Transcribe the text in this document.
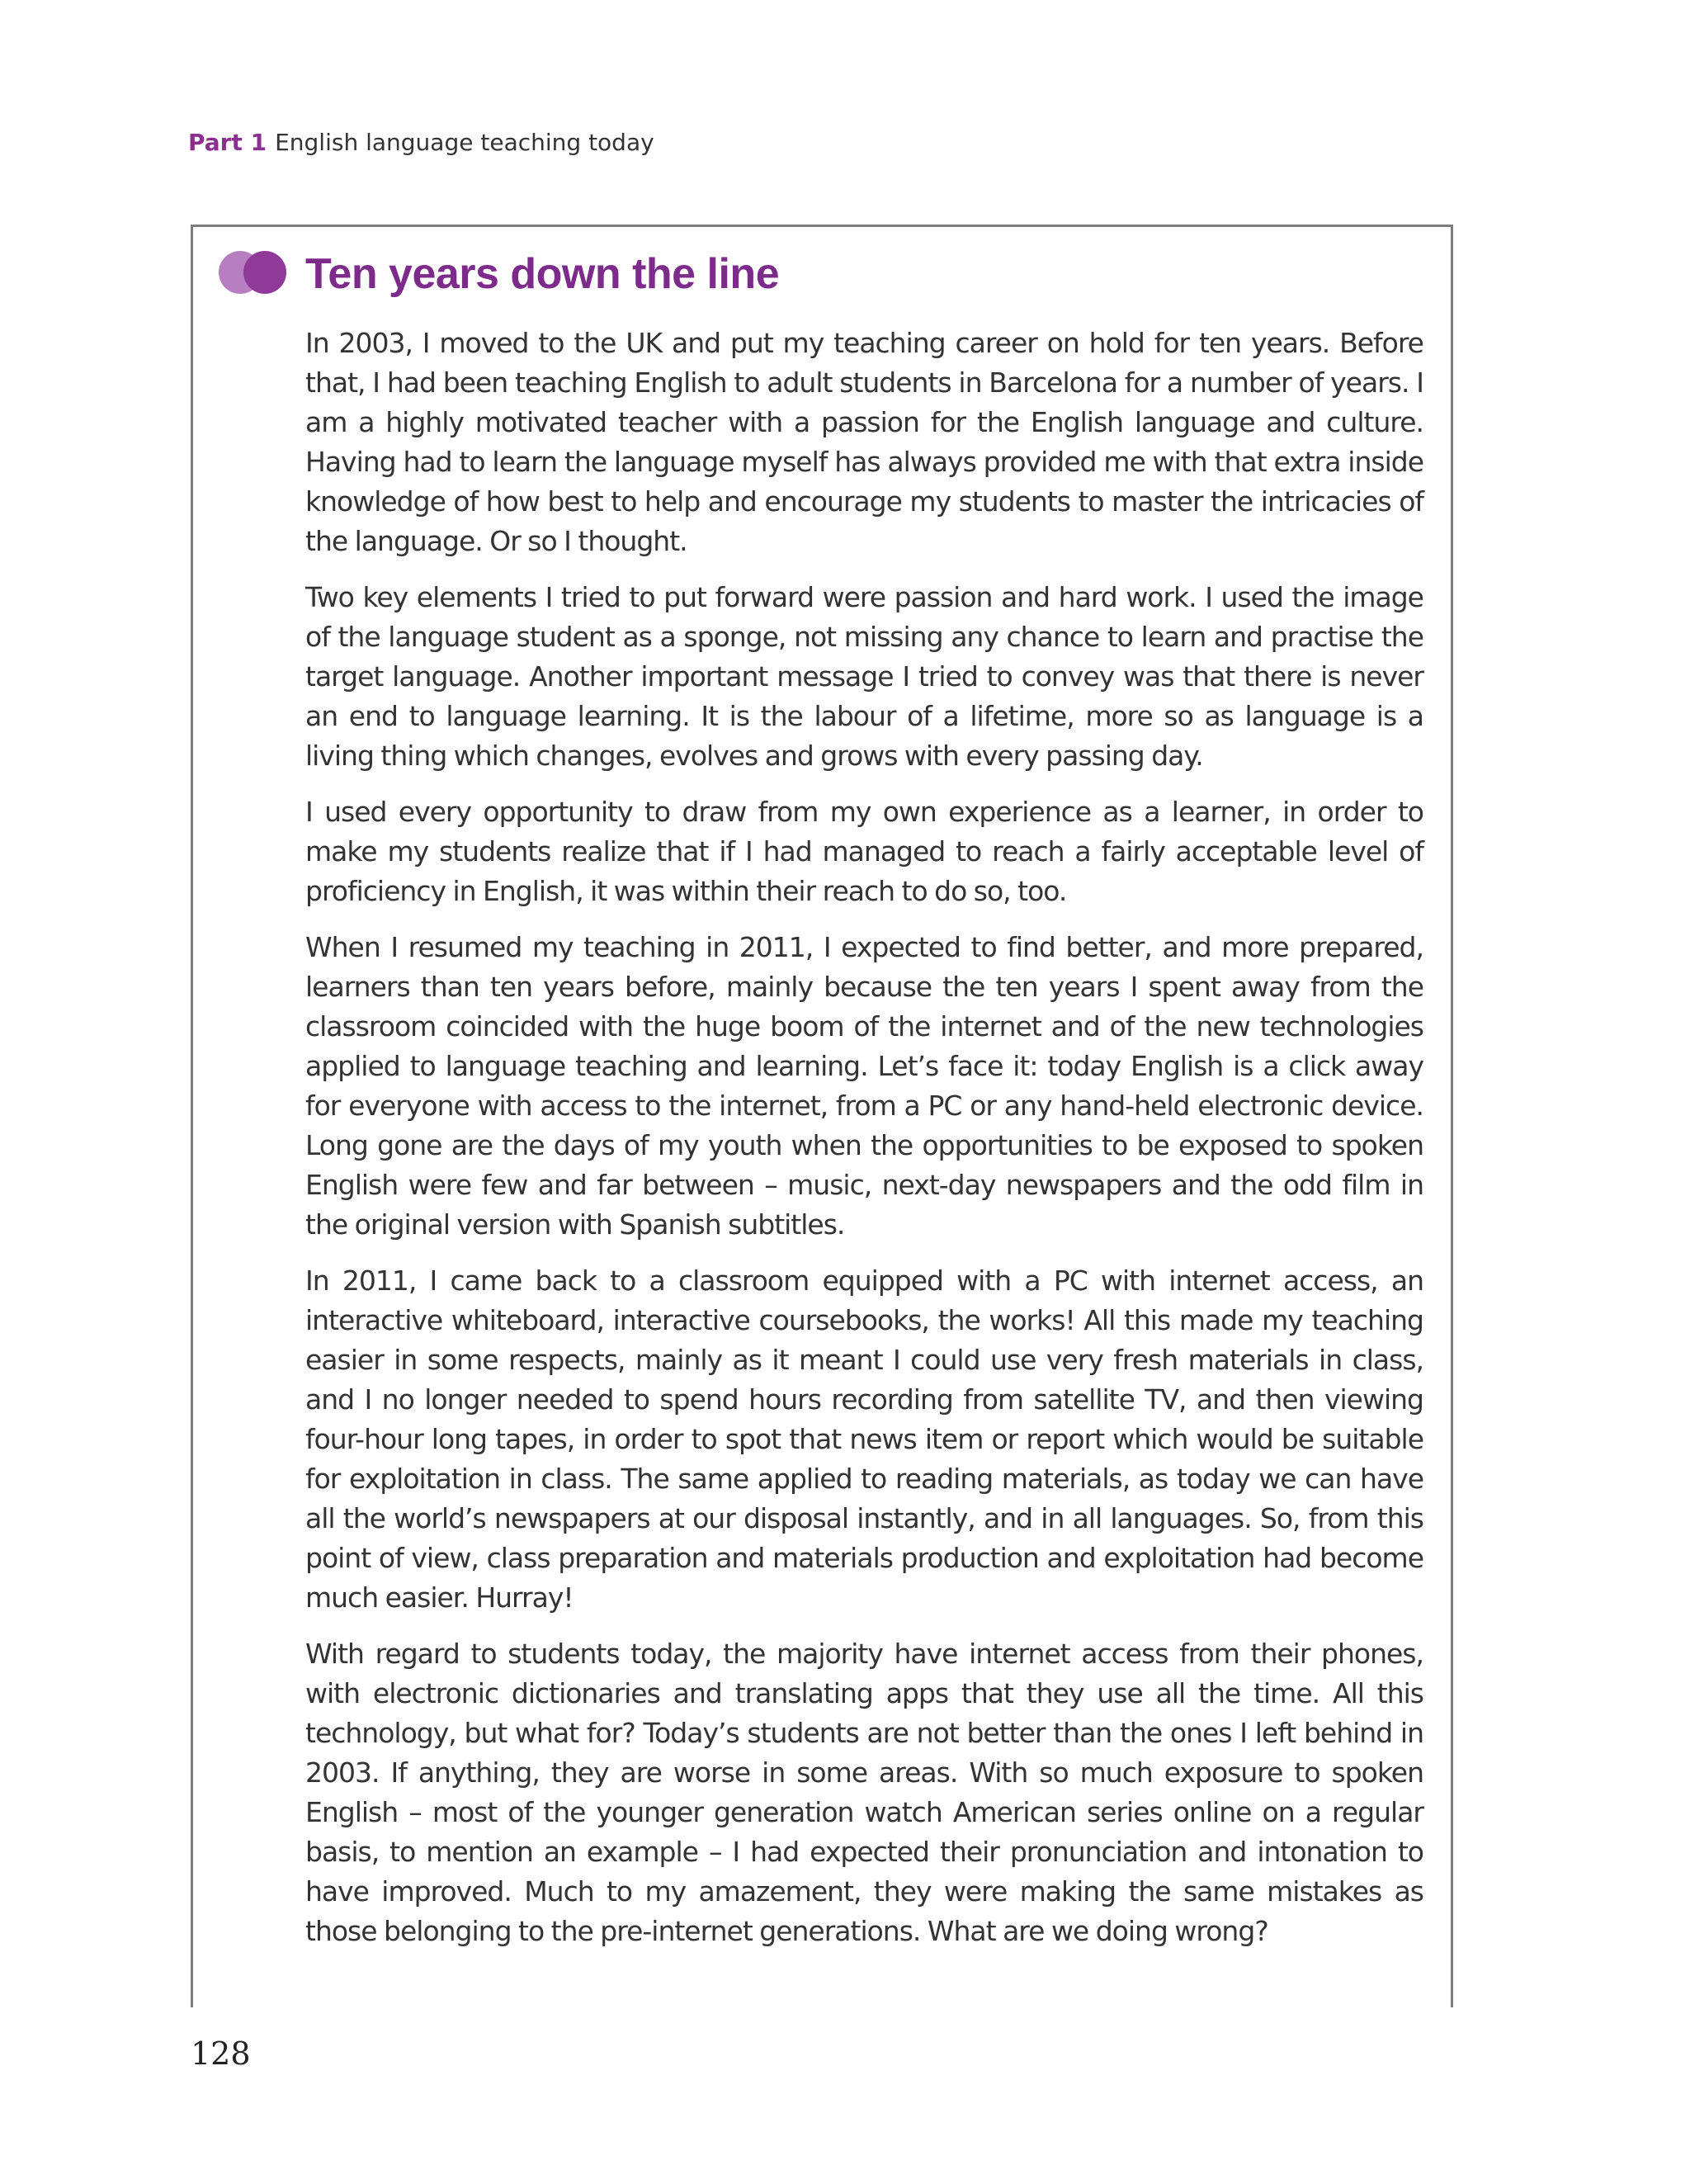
Part 1 English language teaching today
Ten years down the line

In 2003, I moved to the UK and put my teaching career on hold for ten years. Before that, I had been teaching English to adult students in Barcelona for a number of years. I am a highly motivated teacher with a passion for the English language and culture. Having had to learn the language myself has always provided me with that extra inside knowledge of how best to help and encourage my students to master the intricacies of the language. Or so I thought.

Two key elements I tried to put forward were passion and hard work. I used the image of the language student as a sponge, not missing any chance to learn and practise the target language. Another important message I tried to convey was that there is never an end to language learning. It is the labour of a lifetime, more so as language is a living thing which changes, evolves and grows with every passing day.

I used every opportunity to draw from my own experience as a learner, in order to make my students realize that if I had managed to reach a fairly acceptable level of proficiency in English, it was within their reach to do so, too.

When I resumed my teaching in 2011, I expected to find better, and more prepared, learners than ten years before, mainly because the ten years I spent away from the classroom coincided with the huge boom of the internet and of the new technologies applied to language teaching and learning. Let’s face it: today English is a click away for everyone with access to the internet, from a PC or any hand-held electronic device. Long gone are the days of my youth when the opportunities to be exposed to spoken English were few and far between – music, next-day newspapers and the odd film in the original version with Spanish subtitles.

In 2011, I came back to a classroom equipped with a PC with internet access, an interactive whiteboard, interactive coursebooks, the works! All this made my teaching easier in some respects, mainly as it meant I could use very fresh materials in class, and I no longer needed to spend hours recording from satellite TV, and then viewing four-hour long tapes, in order to spot that news item or report which would be suitable for exploitation in class. The same applied to reading materials, as today we can have all the world’s newspapers at our disposal instantly, and in all languages. So, from this point of view, class preparation and materials production and exploitation had become much easier. Hurray!

With regard to students today, the majority have internet access from their phones, with electronic dictionaries and translating apps that they use all the time. All this technology, but what for? Today’s students are not better than the ones I left behind in 2003. If anything, they are worse in some areas. With so much exposure to spoken English – most of the younger generation watch American series online on a regular basis, to mention an example – I had expected their pronunciation and intonation to have improved. Much to my amazement, they were making the same mistakes as those belonging to the pre-internet generations. What are we doing wrong?

128
